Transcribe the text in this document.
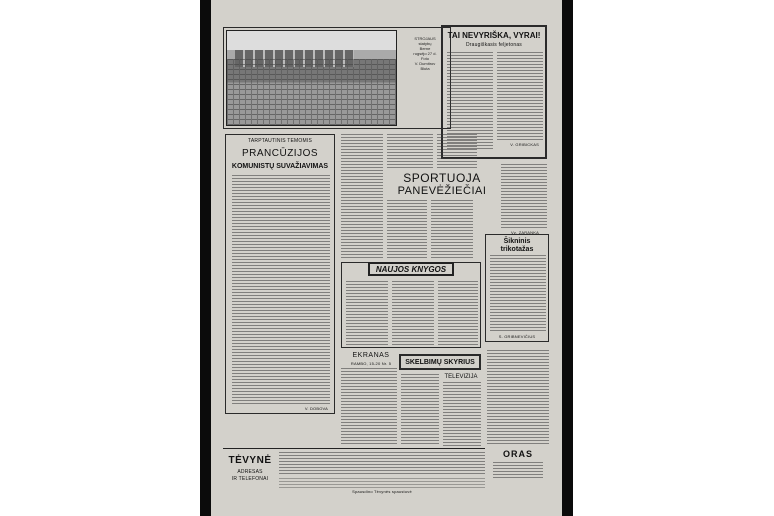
STROJAUS
statybų
Berne
rugsėjo 27 d.
Foto
V. Dumitrov
Bluta
TAI NEVYRIŠKA, VYRAI!
Draugiškasis feljetonas
V. GRIBICKAS
TARPTAUTINIS TEMOMIS
PRANCŪZIJOS
KOMUNISTŲ SUVAŽIAVIMAS
V. DOBOVA
SPORTUOJA
PANEVĖŽIEČIAI
Vz. ZARANKA
NAUJOS KNYGOS
Šikninis
trikotažas
S. GRIBNEVIČIUS
EKRANAS
RAMBO, 15-20 Nr. 5	SKELBIMŲ SKYRIUS
TELEVIZIJA
ORAS
TĖVYNĖ
ADRESAS
IR TELEFONAI
Spausdino Tėvynės spaustuvė
